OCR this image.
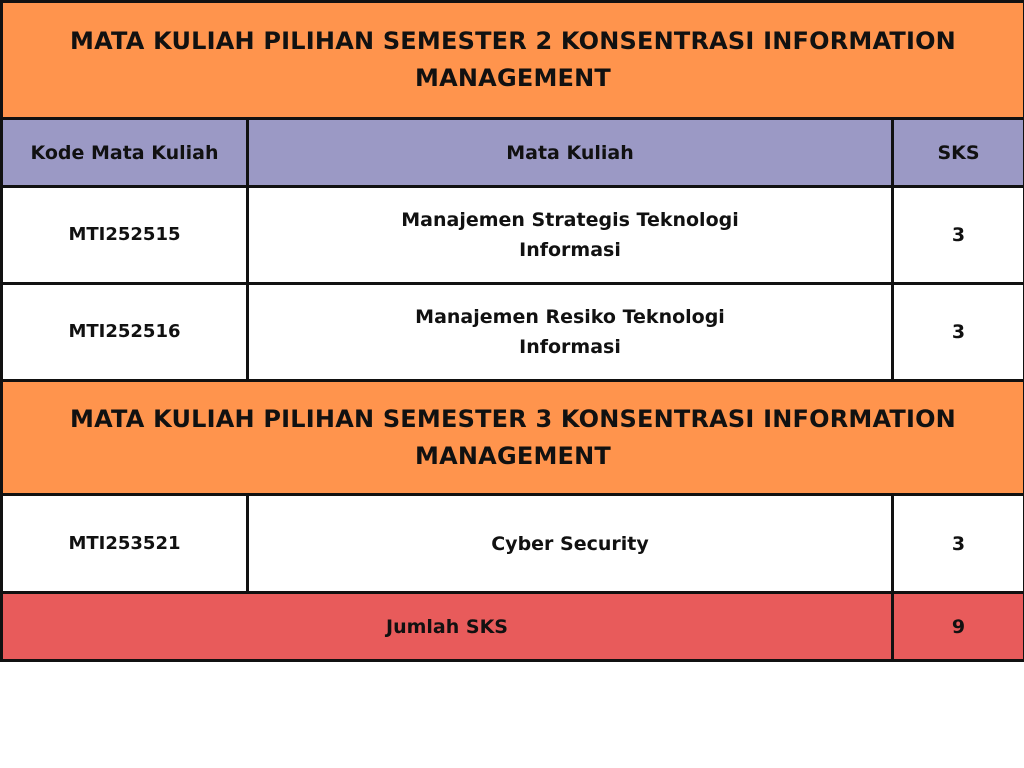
MATA KULIAH PILIHAN SEMESTER 2 KONSENTRASI INFORMATION MANAGEMENT		
Kode Mata Kuliah	Mata Kuliah	SKS
MTI252515	Manajemen Strategis Teknologi Informasi	3
MTI252516	Manajemen Resiko Teknologi Informasi	3
MATA KULIAH PILIHAN SEMESTER 3 KONSENTRASI INFORMATION MANAGEMENT		
MTI253521	Cyber Security	3
Jumlah SKS		9
